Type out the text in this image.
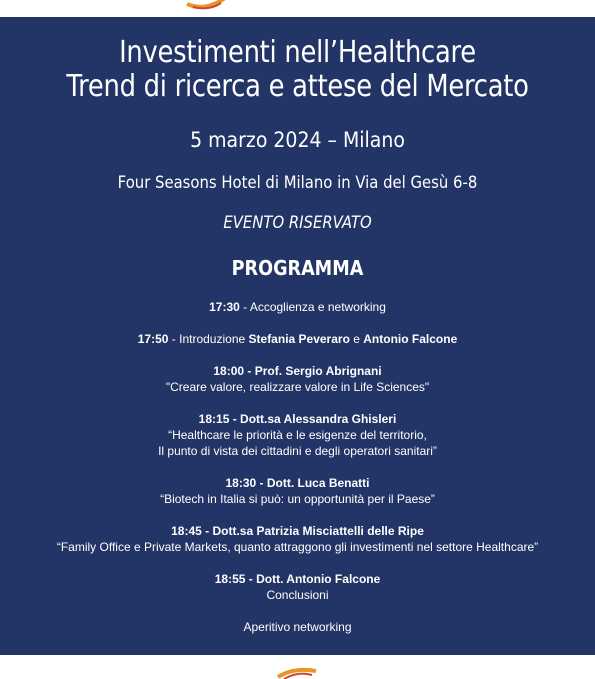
Investimenti nell’Healthcare
Trend di ricerca e attese del Mercato
5 marzo 2024 – Milano
Four Seasons Hotel di Milano in Via del Gesù 6-8
EVENTO RISERVATO
PROGRAMMA
17:30 - Accoglienza e networking
17:50 - Introduzione Stefania Peveraro e Antonio Falcone
18:00 - Prof. Sergio Abrignani
"Creare valore, realizzare valore in Life Sciences"
18:15 - Dott.sa Alessandra Ghisleri
“Healthcare le priorità e le esigenze del territorio,
Il punto di vista dei cittadini e degli operatori sanitari”
18:30 - Dott. Luca Benatti
“Biotech in Italia si può: un opportunità per il Paese”
18:45 - Dott.sa Patrizia Misciattelli delle Ripe
“Family Office e Private Markets, quanto attraggono gli investimenti nel settore Healthcare”
18:55 - Dott. Antonio Falcone
Conclusioni
Aperitivo networking
